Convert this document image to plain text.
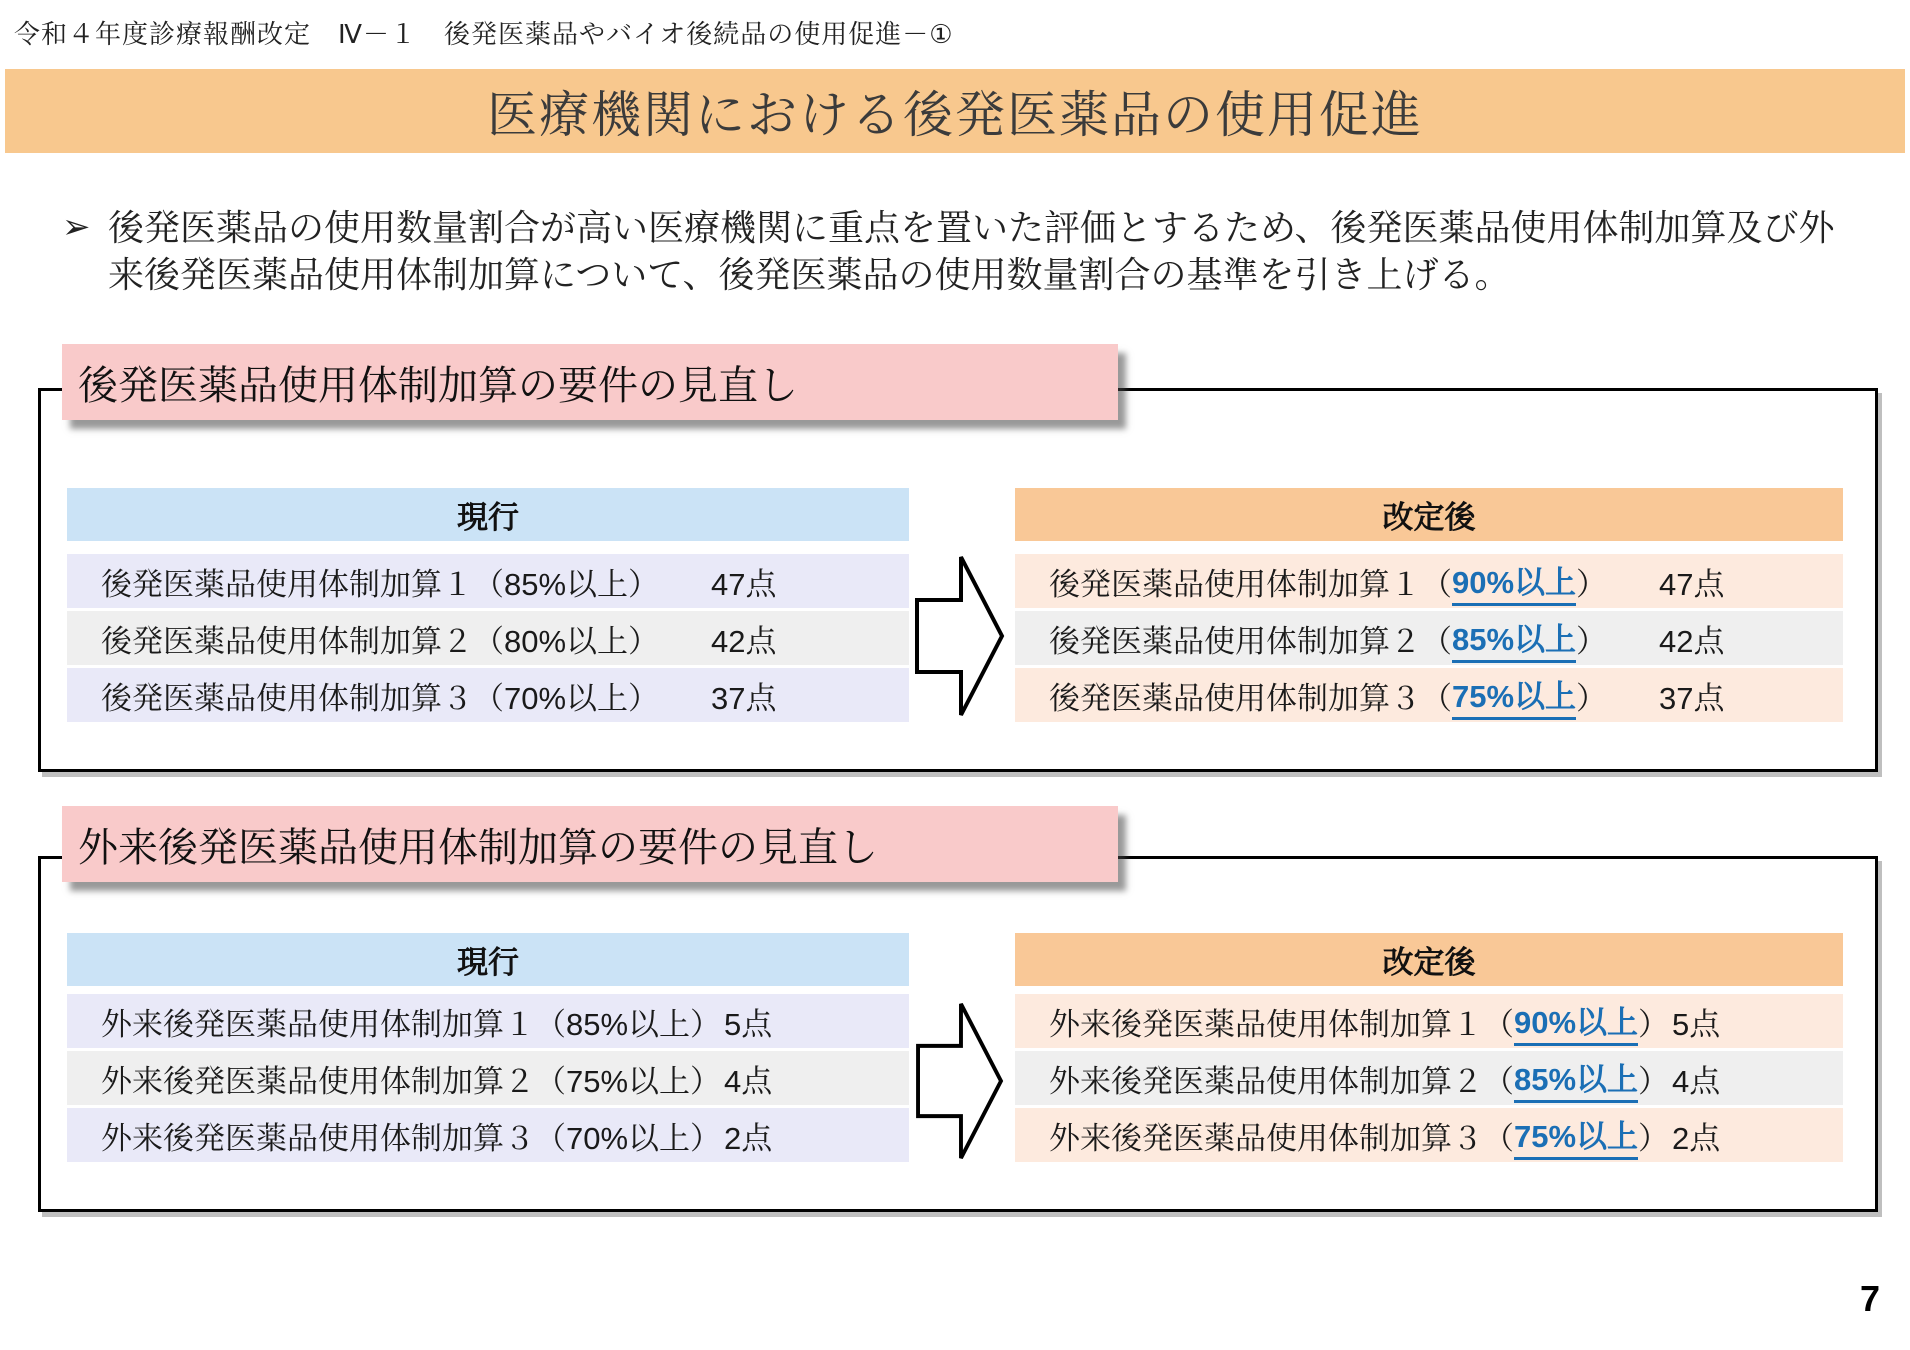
令和４年度診療報酬改定　Ⅳ－１　後発医薬品やバイオ後続品の使用促進－①
医療機関における後発医薬品の使用促進
➢ 後発医薬品の使用数量割合が高い医療機関に重点を置いた評価とするため、後発医薬品使用体制加算及び外来後発医薬品使用体制加算について、後発医薬品の使用数量割合の基準を引き上げる。
後発医薬品使用体制加算の要件の見直し
現行
後発医薬品使用体制加算１ （ 85%以上 ） 47点
後発医薬品使用体制加算２ （ 80%以上 ） 42点
後発医薬品使用体制加算３ （ 70%以上 ） 37点
改定後
後発医薬品使用体制加算１ （ 90%以上 ） 47点
後発医薬品使用体制加算２ （ 85%以上 ） 42点
後発医薬品使用体制加算３ （ 75%以上 ） 37点
外来後発医薬品使用体制加算の要件の見直し
現行
外来後発医薬品使用体制加算１ （ 85%以上 ） 5点
外来後発医薬品使用体制加算２ （ 75%以上 ） 4点
外来後発医薬品使用体制加算３ （ 70%以上 ） 2点
改定後
外来後発医薬品使用体制加算１ （ 90%以上 ） 5点
外来後発医薬品使用体制加算２ （ 85%以上 ） 4点
外来後発医薬品使用体制加算３ （ 75%以上 ） 2点
7
